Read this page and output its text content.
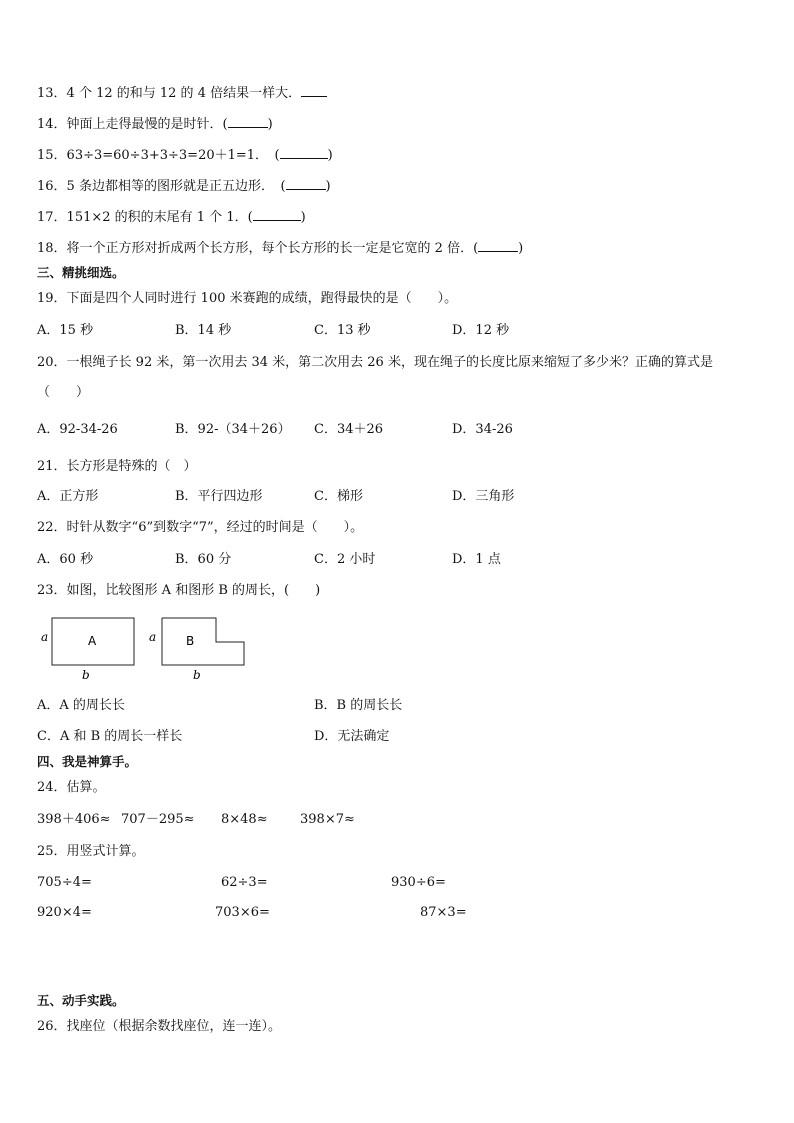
13．4 个 12 的和与 12 的 4 倍结果一样大．
14．钟面上走得最慢的是时针．(	)
15．63÷3=60÷3+3÷3=20＋1=1．　(	)
16．5 条边都相等的图形就是正五边形．　(	)
17．151×2 的积的末尾有 1 个 1．(	)
18．将一个正方形对折成两个长方形，每个长方形的长一定是它宽的 2 倍．(	)
三、精挑细选。
19．下面是四个人同时进行 100 米赛跑的成绩，跑得最快的是（　　）。
A．15 秒	B．14 秒	C．13 秒	D．12 秒
20．一根绳子长 92 米，第一次用去 34 米，第二次用去 26 米，现在绳子的长度比原来缩短了多少米？正确的算式是
（　　）
A．92-34-26	B．92-（34＋26） C．34＋26	D．34-26
21．长方形是特殊的（　）
A．正方形	B．平行四边形	C．梯形	D．三角形
22．时针从数字“6”到数字“7”，经过的时间是（　　）。
A．60 秒	B．60 分	C．2 小时	D．1 点
23．如图，比较图形 A 和图形 B 的周长，(　　)
a	A
b
a B
b
A．A 的周长长	B．B 的周长长
C．A 和 B 的周长一样长	D．无法确定
四、我是神算手。
24．估算。
398＋406≈ 707－295≈ 8×48≈ 398×7≈
25．用竖式计算。
705÷4=	62÷3=	930÷6=
920×4=	703×6=	87×3=
五、动手实践。
26．找座位（根据余数找座位，连一连）。
